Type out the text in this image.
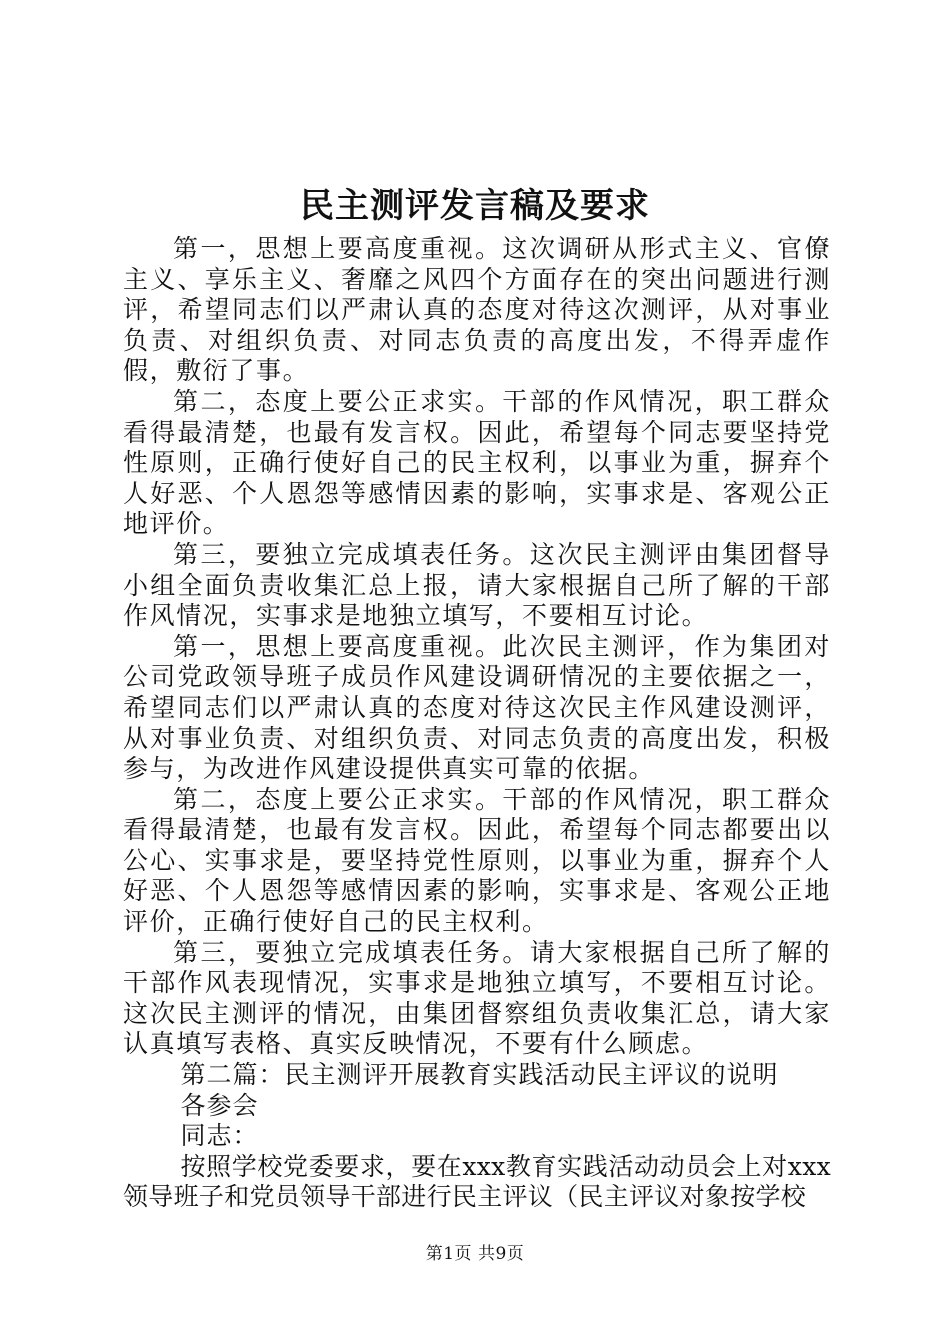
民主测评发言稿及要求

第一，思想上要高度重视。这次调研从形式主义、官僚主义、享乐主义、奢靡之风四个方面存在的突出问题进行测评，希望同志们以严肃认真的态度对待这次测评，从对事业负责、对组织负责、对同志负责的高度出发，不得弄虚作假，敷衍了事。

第二，态度上要公正求实。干部的作风情况，职工群众看得最清楚，也最有发言权。因此，希望每个同志要坚持党性原则，正确行使好自己的民主权利，以事业为重，摒弃个人好恶、个人恩怨等感情因素的影响，实事求是、客观公正地评价。

第三，要独立完成填表任务。这次民主测评由集团督导小组全面负责收集汇总上报，请大家根据自己所了解的干部作风情况，实事求是地独立填写，不要相互讨论。

第一，思想上要高度重视。此次民主测评，作为集团对公司党政领导班子成员作风建设调研情况的主要依据之一，希望同志们以严肃认真的态度对待这次民主作风建设测评，从对事业负责、对组织负责、对同志负责的高度出发，积极参与，为改进作风建设提供真实可靠的依据。

第二，态度上要公正求实。干部的作风情况，职工群众看得最清楚，也最有发言权。因此，希望每个同志都要出以公心、实事求是，要坚持党性原则，以事业为重，摒弃个人好恶、个人恩怨等感情因素的影响，实事求是、客观公正地评价，正确行使好自己的民主权利。

第三，要独立完成填表任务。请大家根据自己所了解的干部作风表现情况，实事求是地独立填写，不要相互讨论。这次民主测评的情况，由集团督察组负责收集汇总，请大家认真填写表格、真实反映情况，不要有什么顾虑。

第二篇：民主测评开展教育实践活动民主评议的说明

各参会

同志：

按照学校党委要求，要在xxx教育实践活动动员会上对xxx领导班子和党员领导干部进行民主评议（民主评议对象按学校

第1页 共9页
